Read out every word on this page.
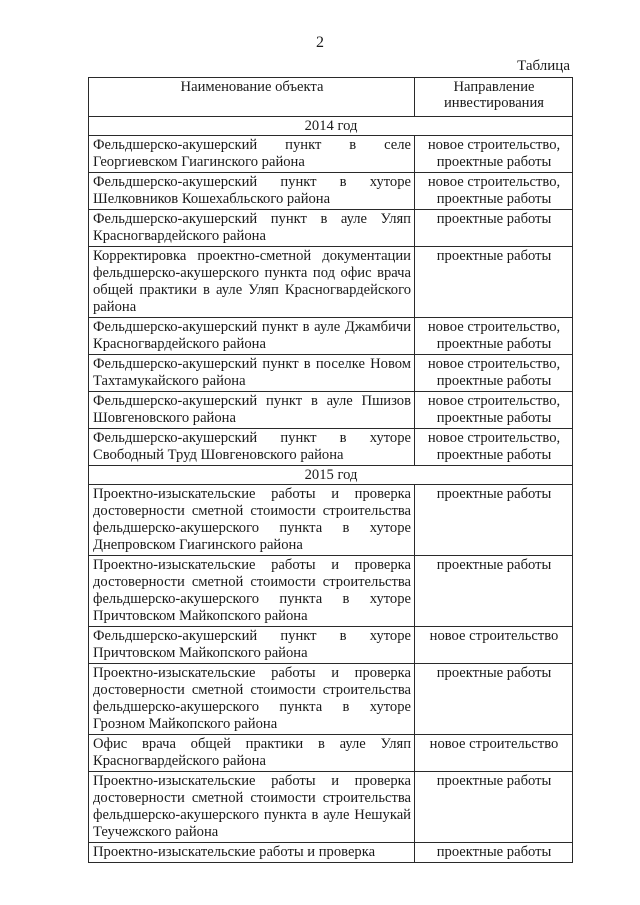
2
Таблица
Наименование объекта	Направление инвестирования
2014 год	
Фельдшерско-акушерский пункт в селе Георгиевском Гиагинского района	новое строительство, проектные работы
Фельдшерско-акушерский пункт в хуторе Шелковников Кошехабльского района	новое строительство, проектные работы
Фельдшерско-акушерский пункт в ауле Уляп Красногвардейского района	проектные работы
Корректировка проектно-сметной документации фельдшерско-акушерского пункта под офис врача общей практики в ауле Уляп Красногвардейского района	проектные работы
Фельдшерско-акушерский пункт в ауле Джамбичи Красногвардейского района	новое строительство, проектные работы
Фельдшерско-акушерский пункт в поселке Новом Тахтамукайского района	новое строительство, проектные работы
Фельдшерско-акушерский пункт в ауле Пшизов Шовгеновского района	новое строительство, проектные работы
Фельдшерско-акушерский пункт в хуторе Свободный Труд Шовгеновского района	новое строительство, проектные работы
2015 год	
Проектно-изыскательские работы и проверка достоверности сметной стоимости строительства фельдшерско-акушерского пункта в хуторе Днепровском Гиагинского района	проектные работы
Проектно-изыскательские работы и проверка достоверности сметной стоимости строительства фельдшерско-акушерского пункта в хуторе Причтовском Майкопского района	проектные работы
Фельдшерско-акушерский пункт в хуторе Причтовском Майкопского района	новое строительство
Проектно-изыскательские работы и проверка достоверности сметной стоимости строительства фельдшерско-акушерского пункта в хуторе Грозном Майкопского района	проектные работы
Офис врача общей практики в ауле Уляп Красногвардейского района	новое строительство
Проектно-изыскательские работы и проверка достоверности сметной стоимости строительства фельдшерско-акушерского пункта в ауле Нешукай Теучежского района	проектные работы
Проектно-изыскательские работы и проверка	проектные работы
